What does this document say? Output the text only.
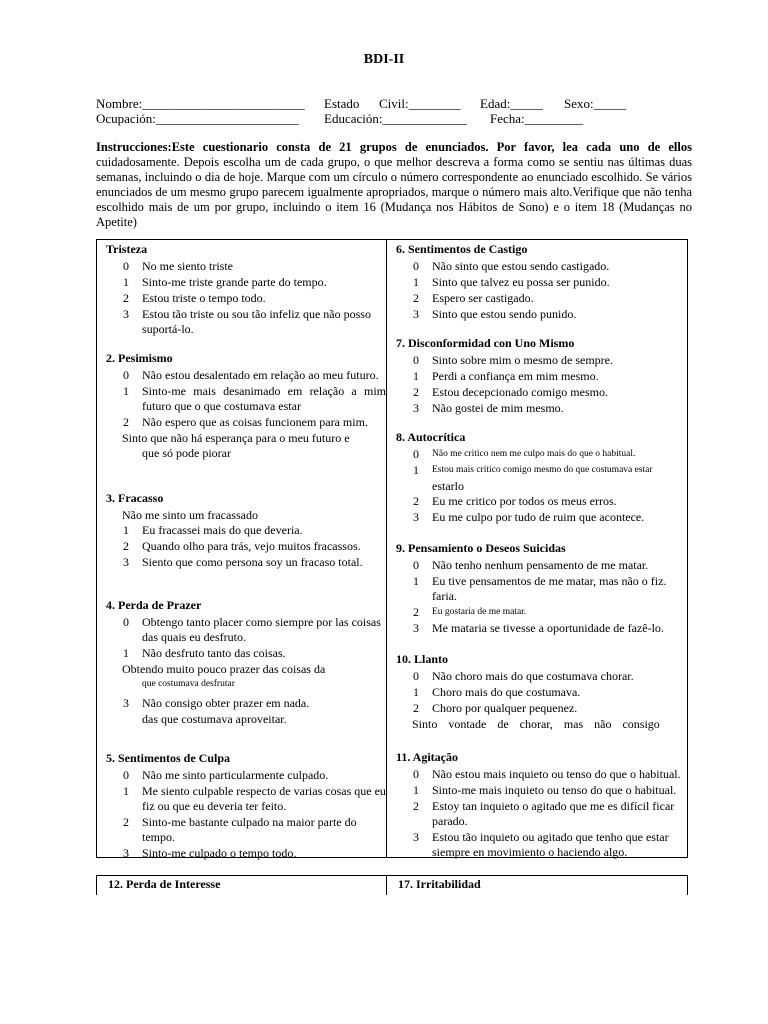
BDI-II
Nombre:_________________________ Estado Civil:________ Edad:_____ Sexo:_____
Ocupación:______________________ Educación:_____________ Fecha:_________
Instrucciones:Este cuestionario consta de 21 grupos de enunciados. Por favor, lea cada uno de ellos cuidadosamente. Depois escolha um de cada grupo, o que melhor descreva a forma como se sentiu nas últimas duas semanas, incluindo o dia de hoje. Marque com um círculo o número correspondente ao enunciado escolhido. Se vários enunciados de um mesmo grupo parecem igualmente apropriados, marque o número mais alto.Verifique que não tenha escolhido mais de um por grupo, incluindo o item 16 (Mudança nos Hábitos de Sono) e o item 18 (Mudanças no Apetite)
Tristeza
0	No me siento triste
1	Sinto-me triste grande parte do tempo.
2	Estou triste o tempo todo.
3	Estou tão triste ou sou tão infeliz que não posso suportá-lo.
2. Pesimismo
0	Não estou desalentado em relação ao meu futuro.
1	Sinto-me mais desanimado em relação a mim futuro que o que costumava estar
2	Não espero que as coisas funcionem para mim.
Sinto que não há esperança para o meu futuro e
que só pode piorar
3. Fracasso
Não me sinto um fracassado
1	Eu fracassei mais do que deveria.
2	Quando olho para trás, vejo muitos fracassos.
3	Siento que como persona soy un fracaso total.
4. Perda de Prazer
0	Obtengo tanto placer como siempre por las coisas das quais eu desfruto.
1	Não desfruto tanto das coisas.
Obtendo muito pouco prazer das coisas da
que costumava desfrutar
3	Não consigo obter prazer em nada.
das que costumava aproveitar.
5. Sentimentos de Culpa
0	Não me sinto particularmente culpado.
1	Me siento culpable respecto de varias cosas que eu fiz ou que eu deveria ter feito.
2	Sinto-me bastante culpado na maior parte do tempo.
3	Sinto-me culpado o tempo todo.
6. Sentimentos de Castigo
0	Não sinto que estou sendo castigado.
1	Sinto que talvez eu possa ser punido.
2	Espero ser castigado.
3	Sinto que estou sendo punido.
7. Disconformidad con Uno Mismo
0	Sinto sobre mim o mesmo de sempre.
1	Perdi a confiança em mim mesmo.
2	Estou decepcionado comigo mesmo.
3	Não gostei de mim mesmo.
8. Autocrítica
0	Não me critico nem me culpo mais do que o habitual.
1	Estou mais crítico comigo mesmo do que costumava estar
estarlo
2	Eu me critico por todos os meus erros.
3	Eu me culpo por tudo de ruim que acontece.
9. Pensamiento o Deseos Suicidas
0	Não tenho nenhum pensamento de me matar.
1	Eu tive pensamentos de me matar, mas não o fiz. faria.
2	Eu gostaria de me matar.
3	Me mataria se tivesse a oportunidade de fazê-lo.
10. Llanto
0	Não choro mais do que costumava chorar.
1	Choro mais do que costumava.
2	Choro por qualquer pequenez.
Sinto vontade de chorar, mas não consigo
11. Agitação
0	Não estou mais inquieto ou tenso do que o habitual.
1	Sinto-me mais inquieto ou tenso do que o habitual.
2	Estoy tan inquieto o agitado que me es difícil ficar parado.
3	Estou tão inquieto ou agitado que tenho que estar siempre en movimiento o haciendo algo.
12. Perda de Interesse	17. Irritabilidad
